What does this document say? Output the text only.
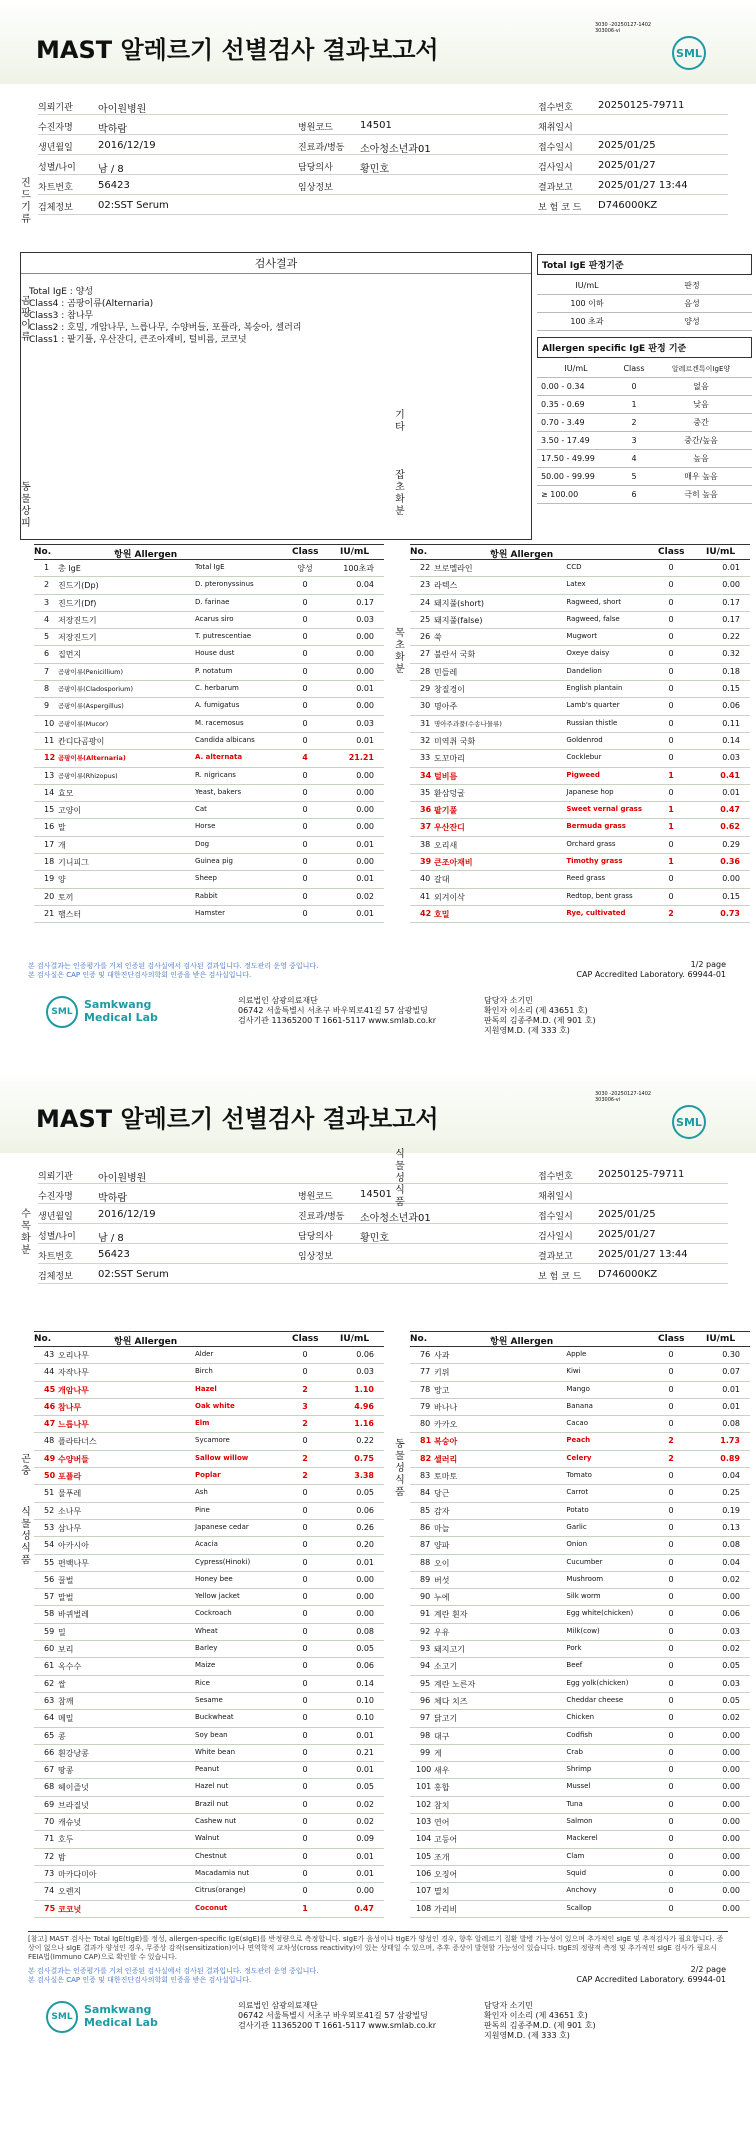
MAST 알레르기 선별검사 결과보고서
3030 -20250127-1402
303006-vi
SML
의뢰기관	아이원병원	접수번호	20250125-79711
수진자명	박하람	병원코드	14501	채취일시
생년월일	2016/12/19	진료과/병동 소아청소년과01	접수일시	2025/01/25
성별/나이 남 / 8	담당의사	황민호	검사일시	2025/01/27
차트번호	56423	임상정보	결과보고	2025/01/27 13:44
검체정보	02:SST Serum	보 험 코 드 D746000KZ
검사결과
Total IgE : 양성
Class4 : 곰팡이류(Alternaria)
Class3 : 참나무
Class2 : 호밀, 개암나무, 느릅나무, 수양버들, 포플라, 복숭아, 셀러리
Class1 : 팥기풀, 우산잔디, 큰조아재비, 털비름, 코코넛
Total IgE 판정기준
IU/mL	판정
100 이하	음성
100 초과	양성
Allergen specific IgE 판정 기준
IU/mL	Class	알레르겐특이IgE양
0.00 - 0.34	0	없음
0.35 - 0.69	1	낮음
0.70 - 3.49	2	중간
3.50 - 17.49	3	중간/높음
17.50 - 49.99	4	높음
50.00 - 99.99	5	매우 높음
≥ 100.00	6	극히 높음
No.	항원 Allergen	Class IU/mL
1 총 IgE	Total IgE	양성	100초과
2 진드기(Dp)	D. pteronyssinus	0	0.04
3 진드기(Df)	D. farinae	0	0.17
4 저장진드기	Acarus siro	0	0.03
5 저장진드기	T. putrescentiae	0	0.00
6 집먼지	House dust	0	0.00
7 곰팡이류(Penicillium)	P. notatum	0	0.00
8 곰팡이류(Cladosporium)	C. herbarum	0	0.01
9 곰팡이류(Aspergillus)	A. fumigatus	0	0.00
10 곰팡이류(Mucor)	M. racemosus	0	0.03
11 칸디다곰팡이	Candida albicans	0	0.01
12 곰팡이류(Alternaria)	A. alternata	4	21.21
13 곰팡이류(Rhizopus)	R. nigricans	0	0.00
14 효모	Yeast, bakers	0	0.00
15 고양이	Cat	0	0.00
16 말	Horse	0	0.00
17 개	Dog	0	0.01
18 기니피그	Guinea pig	0	0.00
19 양	Sheep	0	0.01
20 토끼	Rabbit	0	0.02
21 햄스터	Hamster	0	0.01
No.	항원 Allergen	Class IU/mL
22 브로멜라인	CCD	0	0.01
23 라텍스	Latex	0	0.00
24 돼지풀(short)	Ragweed, short	0	0.17
25 돼지풀(false)	Ragweed, false	0	0.17
26 쑥	Mugwort	0	0.22
27 불란서 국화	Oxeye daisy	0	0.32
28 민들레	Dandelion	0	0.18
29 창질경이	English plantain	0	0.15
30 명아주	Lamb's quarter	0	0.06
31 명아주과풀(수송나물류)	Russian thistle	0	0.11
32 미역취 국화	Goldenrod	0	0.14
33 도꼬마리	Cocklebur	0	0.03
34 털비름	Pigweed	1	0.41
35 환삼덩굴	Japanese hop	0	0.01
36 팥기풀	Sweet vernal grass	1	0.47
37 우산잔디	Bermuda grass	1	0.62
38 오리새	Orchard grass	0	0.29
39 큰조아재비	Timothy grass	1	0.36
40 갈대	Reed grass	0	0.00
41 외겨이삭	Redtop, bent grass	0	0.15
42 호밀	Rye, cultivated	2	0.73
진
드
기
류
곰
팡
이
류
동
물
상
피
기
타
잡
초
화
분
목
초
화
분
본 검사결과는 인증평가를 거쳐 인증된 검사실에서 검사된 결과입니다. 정도관리 운영 중입니다.
본 검사실은 CAP 인증 및 대한진단검사의학회 인증을 받은 검사실입니다.
1/2 page
CAP Accredited Laboratory. 69944-01
SML
Samkwang
Medical Lab
의료법인 삼광의료재단
06742 서울특별시 서초구 바우뫼로41길 57 삼광빌딩
검사기관 11365200 T 1661-5117 www.smlab.co.kr
담당자 소기민
확인자 이소리 (제 43651 호)
판독의 김종주M.D. (제 901 호)
지원영M.D. (제 333 호)
MAST 알레르기 선별검사 결과보고서
3030 -20250127-1402
303006-vi
SML
의뢰기관	아이원병원	접수번호	20250125-79711
수진자명	박하람	병원코드	14501	채취일시
생년월일	2016/12/19	진료과/병동 소아청소년과01	접수일시	2025/01/25
성별/나이 남 / 8	담당의사	황민호	검사일시	2025/01/27
차트번호	56423	임상정보	결과보고	2025/01/27 13:44
검체정보	02:SST Serum	보 험 코 드 D746000KZ
No.	항원 Allergen	Class IU/mL
43 오리나무	Alder	0	0.06
44 자작나무	Birch	0	0.03
45 개암나무	Hazel	2	1.10
46 참나무	Oak white	3	4.96
47 느릅나무	Elm	2	1.16
48 플라타너스	Sycamore	0	0.22
49 수양버들	Sallow willow	2	0.75
50 포플라	Poplar	2	3.38
51 물푸레	Ash	0	0.05
52 소나무	Pine	0	0.06
53 삼나무	Japanese cedar	0	0.26
54 아카시아	Acacia	0	0.20
55 편백나무	Cypress(Hinoki)	0	0.01
56 꿀벌	Honey bee	0	0.00
57 말벌	Yellow jacket	0	0.00
58 바퀴벌레	Cockroach	0	0.00
59 밀	Wheat	0	0.08
60 보리	Barley	0	0.05
61 옥수수	Maize	0	0.06
62 쌀	Rice	0	0.14
63 참깨	Sesame	0	0.10
64 메밀	Buckwheat	0	0.10
65 콩	Soy bean	0	0.01
66 흰강낭콩	White bean	0	0.21
67 땅콩	Peanut	0	0.01
68 헤이즐넛	Hazel nut	0	0.05
69 브라질넛	Brazil nut	0	0.02
70 캐슈넛	Cashew nut	0	0.02
71 호두	Walnut	0	0.09
72 밤	Chestnut	0	0.01
73 마카다미아	Macadamia nut	0	0.01
74 오렌지	Citrus(orange)	0	0.00
75 코코넛	Coconut	1	0.47
No.	항원 Allergen	Class IU/mL
76 사과	Apple	0	0.30
77 키위	Kiwi	0	0.07
78 망고	Mango	0	0.01
79 바나나	Banana	0	0.01
80 카카오	Cacao	0	0.08
81 복숭아	Peach	2	1.73
82 셀러리	Celery	2	0.89
83 토마토	Tomato	0	0.04
84 당근	Carrot	0	0.25
85 감자	Potato	0	0.19
86 마늘	Garlic	0	0.13
87 양파	Onion	0	0.08
88 오이	Cucumber	0	0.04
89 버섯	Mushroom	0	0.02
90 누에	Silk worm	0	0.00
91 계란 흰자	Egg white(chicken)	0	0.06
92 우유	Milk(cow)	0	0.03
93 돼지고기	Pork	0	0.02
94 소고기	Beef	0	0.05
95 계란 노른자	Egg yolk(chicken)	0	0.03
96 체다 치즈	Cheddar cheese	0	0.05
97 닭고기	Chicken	0	0.02
98 대구	Codfish	0	0.00
99 게	Crab	0	0.00
100 새우	Shrimp	0	0.00
101 홍합	Mussel	0	0.00
102 참치	Tuna	0	0.00
103 연어	Salmon	0	0.00
104 고등어	Mackerel	0	0.00
105 조개	Clam	0	0.00
106 오징어	Squid	0	0.00
107 멸치	Anchovy	0	0.00
108 가리비	Scallop	0	0.00
수
목
화
분
곤
충
식
물
성
식
품
식
물
성
식
품
동
물
성
식
품
[참고] MAST 검사는 Total IgE(tIgE)를 정성, allergen-specific IgE(sIgE)를 반정량으로 측정합니다. sIgE가 음성이나 tIgE가 양성인 경우, 향후 알레르기 질환 발병 가능성이 있으며 추가적인 sIgE 및 추적검사가 필요합니다. 증상이 없으나 sIgE 결과가 양성인 경우, 무증상 감작(sensitization)이나 면역학적 교차성(cross reactivity)이 있는 상태일 수 있으며, 추후 증상이 발현할 가능성이 있습니다. tIgE의 정량적 측정 및 추가적인 sIgE 검사가 필요시 FEIA법(Immuno CAP)으로 확인할 수 있습니다.
본 검사결과는 인증평가를 거쳐 인증된 검사실에서 검사된 결과입니다. 정도관리 운영 중입니다.
본 검사실은 CAP 인증 및 대한진단검사의학회 인증을 받은 검사실입니다.
2/2 page
CAP Accredited Laboratory. 69944-01
SML
Samkwang
Medical Lab
의료법인 삼광의료재단
06742 서울특별시 서초구 바우뫼로41길 57 삼광빌딩
검사기관 11365200 T 1661-5117 www.smlab.co.kr
담당자 소기민
확인자 이소리 (제 43651 호)
판독의 김종주M.D. (제 901 호)
지원영M.D. (제 333 호)
